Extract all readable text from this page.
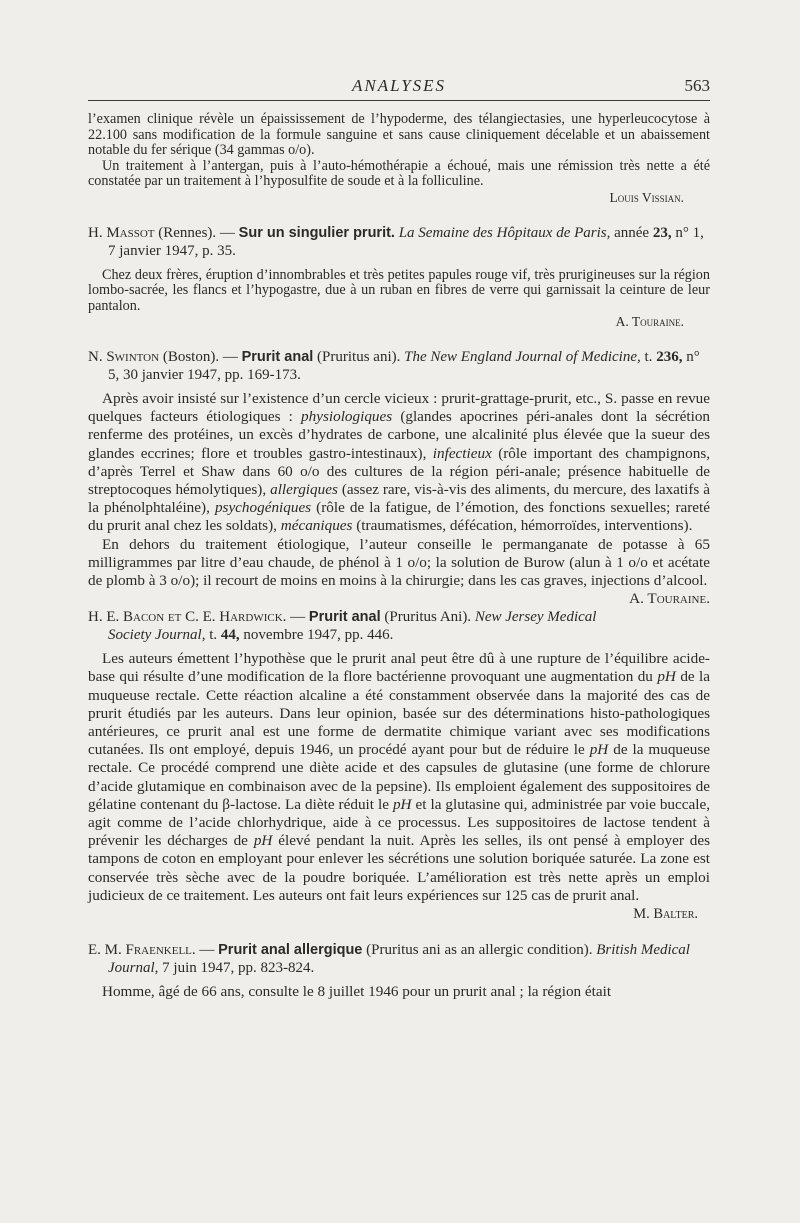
ANALYSES	563

l’examen clinique révèle un épaississement de l’hypoderme, des télangiectasies, une hyperleucocytose à 22.100 sans modification de la formule sanguine et sans cause cliniquement décelable et un abaissement notable du fer sérique (34 gammas o/o).

Un traitement à l’antergan, puis à l’auto-hémothérapie a échoué, mais une rémission très nette a été constatée par un traitement à l’hyposulfite de soude et à la folliculine.

Louis Vissian.
H. Massot (Rennes). — Sur un singulier prurit. La Semaine des Hôpitaux de Paris, année 23, n° 1, 7 janvier 1947, p. 35.

Chez deux frères, éruption d’innombrables et très petites papules rouge vif, très prurigineuses sur la région lombo-sacrée, les flancs et l’hypogastre, due à un ruban en fibres de verre qui garnissait la ceinture de leur pantalon.

A. Touraine.
N. Swinton (Boston). — Prurit anal (Pruritus ani). The New England Journal of Medicine, t. 236, n° 5, 30 janvier 1947, pp. 169-173.

Après avoir insisté sur l’existence d’un cercle vicieux : prurit-grattage-prurit, etc., S. passe en revue quelques facteurs étiologiques : physiologiques (glandes apocrines péri-anales dont la sécrétion renferme des protéines, un excès d’hydrates de carbone, une alcalinité plus élevée que la sueur des glandes eccrines; flore et troubles gastro-intestinaux), infectieux (rôle important des champignons, d’après Terrel et Shaw dans 60 o/o des cultures de la région péri-anale; présence habituelle de streptocoques hémolytiques), allergiques (assez rare, vis-à-vis des aliments, du mercure, des laxatifs à la phénolphtaléine), psychogéniques (rôle de la fatigue, de l’émotion, des fonctions sexuelles; rareté du prurit anal chez les soldats), mécaniques (traumatismes, défécation, hémorroïdes, interventions).

En dehors du traitement étiologique, l’auteur conseille le permanganate de potasse à 65 milligrammes par litre d’eau chaude, de phénol à 1 o/o; la solution de Burow (alun à 1 o/o et acétate de plomb à 3 o/o); il recourt de moins en moins à la chirurgie; dans les cas graves, injections d’alcool.
A. Touraine.

H. E. Bacon et C. E. Hardwick. — Prurit anal (Pruritus Ani). New Jersey Medical Society Journal, t. 44, novembre 1947, pp. 446.

Les auteurs émettent l’hypothèse que le prurit anal peut être dû à une rupture de l’équilibre acide-base qui résulte d’une modification de la flore bactérienne provoquant une augmentation du pH de la muqueuse rectale. Cette réaction alcaline a été constamment observée dans la majorité des cas de prurit étudiés par les auteurs. Dans leur opinion, basée sur des déterminations histo-pathologiques antérieures, ce prurit anal est une forme de dermatite chimique variant avec ses modifications cutanées. Ils ont employé, depuis 1946, un procédé ayant pour but de réduire le pH de la muqueuse rectale. Ce procédé comprend une diète acide et des capsules de glutasine (une forme de chlorure d’acide glutamique en combinaison avec de la pepsine). Ils emploient également des suppositoires de gélatine contenant du β-lactose. La diète réduit le pH et la glutasine qui, administrée par voie buccale, agit comme de l’acide chlorhydrique, aide à ce processus. Les suppositoires de lactose tendent à prévenir les décharges de pH élevé pendant la nuit. Après les selles, ils ont pensé à employer des tampons de coton en employant pour enlever les sécrétions une solution boriquée saturée. La zone est conservée très sèche avec de la poudre boriquée. L’amélioration est très nette après un emploi judicieux de ce traitement. Les auteurs ont fait leurs expériences sur 125 cas de prurit anal.

M. Balter.
E. M. Fraenkell. — Prurit anal allergique (Pruritus ani as an allergic condition). British Medical Journal, 7 juin 1947, pp. 823-824.

Homme, âgé de 66 ans, consulte le 8 juillet 1946 pour un prurit anal ; la région était
